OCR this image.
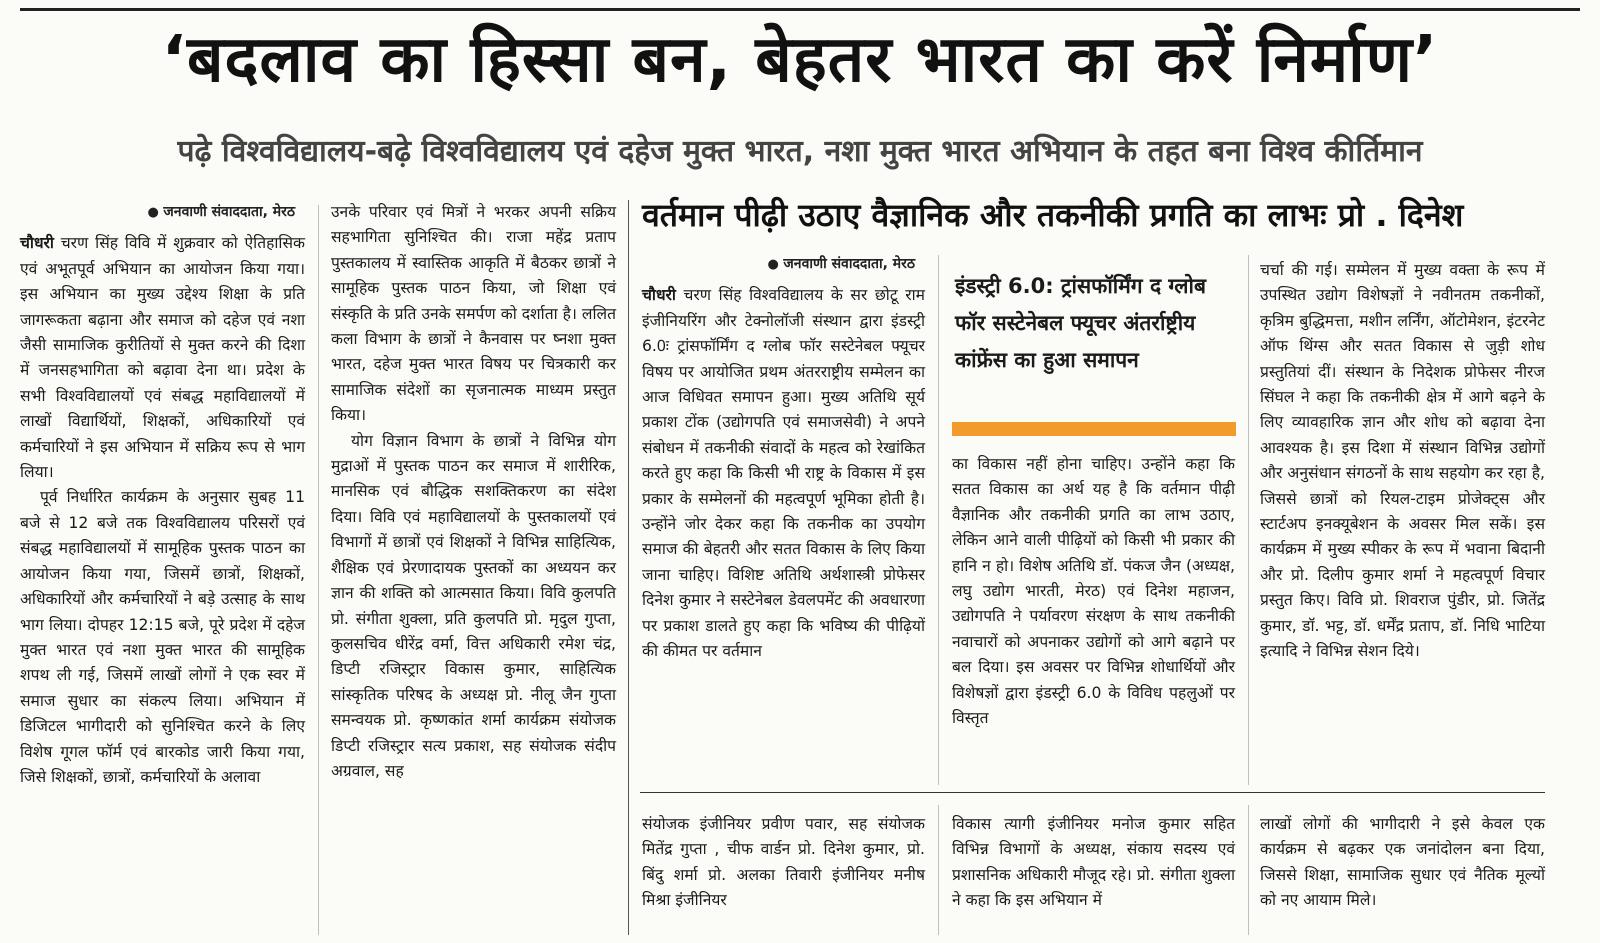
‘बदलाव का हिस्सा बन, बेहतर भारत का करें निर्माण’
पढ़े विश्वविद्यालय-बढ़े विश्वविद्यालय एवं दहेज मुक्त भारत, नशा मुक्त भारत अभियान के तहत बना विश्व कीर्तिमान
● जनवाणी संवाददाता, मेरठ

चौधरी चरण सिंह विवि में शुक्रवार को ऐतिहासिक एवं अभूतपूर्व अभियान का आयोजन किया गया। इस अभियान का मुख्य उद्देश्य शिक्षा के प्रति जागरूकता बढ़ाना और समाज को दहेज एवं नशा जैसी सामाजिक कुरीतियों से मुक्त करने की दिशा में जनसहभागिता को बढ़ावा देना था। प्रदेश के सभी विश्वविद्यालयों एवं संबद्ध महाविद्यालयों में लाखों विद्यार्थियों, शिक्षकों, अधिकारियों एवं कर्मचारियों ने इस अभियान में सक्रिय रूप से भाग लिया।

पूर्व निर्धारित कार्यक्रम के अनुसार सुबह 11 बजे से 12 बजे तक विश्वविद्यालय परिसरों एवं संबद्ध महाविद्यालयों में सामूहिक पुस्तक पाठन का आयोजन किया गया, जिसमें छात्रों, शिक्षकों, अधिकारियों और कर्मचारियों ने बड़े उत्साह के साथ भाग लिया। दोपहर 12:15 बजे, पूरे प्रदेश में दहेज मुक्त भारत एवं नशा मुक्त भारत की सामूहिक शपथ ली गई, जिसमें लाखों लोगों ने एक स्वर में समाज सुधार का संकल्प लिया। अभियान में डिजिटल भागीदारी को सुनिश्चित करने के लिए विशेष गूगल फॉर्म एवं बारकोड जारी किया गया, जिसे शिक्षकों, छात्रों, कर्मचारियों के अलावा

उनके परिवार एवं मित्रों ने भरकर अपनी सक्रिय सहभागिता सुनिश्चित की। राजा महेंद्र प्रताप पुस्तकालय में स्वास्तिक आकृति में बैठकर छात्रों ने सामूहिक पुस्तक पाठन किया, जो शिक्षा एवं संस्कृति के प्रति उनके समर्पण को दर्शाता है। ललित कला विभाग के छात्रों ने कैनवास पर ष्नशा मुक्त भारत, दहेज मुक्त भारत विषय पर चित्रकारी कर सामाजिक संदेशों का सृजनात्मक माध्यम प्रस्तुत किया।

योग विज्ञान विभाग के छात्रों ने विभिन्न योग मुद्राओं में पुस्तक पाठन कर समाज में शारीरिक, मानसिक एवं बौद्धिक सशक्तिकरण का संदेश दिया। विवि एवं महाविद्यालयों के पुस्तकालयों एवं विभागों में छात्रों एवं शिक्षकों ने विभिन्न साहित्यिक, शैक्षिक एवं प्रेरणादायक पुस्तकों का अध्ययन कर ज्ञान की शक्ति को आत्मसात किया। विवि कुलपति प्रो. संगीता शुक्ला, प्रति कुलपति प्रो. मृदुल गुप्ता, कुलसचिव धीरेंद्र वर्मा, वित्त अधिकारी रमेश चंद्र, डिप्टी रजिस्ट्रार विकास कुमार, साहित्यिक सांस्कृतिक परिषद के अध्यक्ष प्रो. नीलू जैन गुप्ता समन्वयक प्रो. कृष्णकांत शर्मा कार्यक्रम संयोजक डिप्टी रजिस्ट्रार सत्य प्रकाश, सह संयोजक संदीप अग्रवाल, सह

वर्तमान पीढ़ी उठाए वैज्ञानिक और तकनीकी प्रगति का लाभः प्रो . दिनेश
● जनवाणी संवाददाता, मेरठ

चौधरी चरण सिंह विश्वविद्यालय के सर छोटू राम इंजीनियरिंग और टेक्नोलॉजी संस्थान द्वारा इंडस्ट्री 6.0ः ट्रांसफॉर्मिंग द ग्लोब फॉर सस्टेनेबल फ्यूचर विषय पर आयोजित प्रथम अंतरराष्ट्रीय सम्मेलन का आज विधिवत समापन हुआ। मुख्य अतिथि सूर्य प्रकाश टोंक (उद्योगपति एवं समाजसेवी) ने अपने संबोधन में तकनीकी संवादों के महत्व को रेखांकित करते हुए कहा कि किसी भी राष्ट्र के विकास में इस प्रकार के सम्मेलनों की महत्वपूर्ण भूमिका होती है। उन्होंने जोर देकर कहा कि तकनीक का उपयोग समाज की बेहतरी और सतत विकास के लिए किया जाना चाहिए। विशिष्ट अतिथि अर्थशास्त्री प्रोफेसर दिनेश कुमार ने सस्टेनेबल डेवलपमेंट की अवधारणा पर प्रकाश डालते हुए कहा कि भविष्य की पीढ़ियों की कीमत पर वर्तमान

इंडस्ट्री 6.0: ट्रांसफॉर्मिंग द ग्लोब फॉर सस्टेनेबल फ्यूचर अंतर्राष्ट्रीय कांफ्रेंस का हुआ समापन

का विकास नहीं होना चाहिए। उन्होंने कहा कि सतत विकास का अर्थ यह है कि वर्तमान पीढ़ी वैज्ञानिक और तकनीकी प्रगति का लाभ उठाए, लेकिन आने वाली पीढ़ियों को किसी भी प्रकार की हानि न हो। विशेष अतिथि डॉ. पंकज जैन (अध्यक्ष, लघु उद्योग भारती, मेरठ) एवं दिनेश महाजन, उद्योगपति ने पर्यावरण संरक्षण के साथ तकनीकी नवाचारों को अपनाकर उद्योगों को आगे बढ़ाने पर बल दिया। इस अवसर पर विभिन्न शोधार्थियों और विशेषज्ञों द्वारा इंडस्ट्री 6.0 के विविध पहलुओं पर विस्तृत

चर्चा की गई। सम्मेलन में मुख्य वक्ता के रूप में उपस्थित उद्योग विशेषज्ञों ने नवीनतम तकनीकों, कृत्रिम बुद्धिमत्ता, मशीन लर्निंग, ऑटोमेशन, इंटरनेट ऑफ थिंग्स और सतत विकास से जुड़ी शोध प्रस्तुतियां दीं। संस्थान के निदेशक प्रोफेसर नीरज सिंघल ने कहा कि तकनीकी क्षेत्र में आगे बढ़ने के लिए व्यावहारिक ज्ञान और शोध को बढ़ावा देना आवश्यक है। इस दिशा में संस्थान विभिन्न उद्योगों और अनुसंधान संगठनों के साथ सहयोग कर रहा है, जिससे छात्रों को रियल-टाइम प्रोजेक्ट्स और स्टार्टअप इनक्यूबेशन के अवसर मिल सकें। इस कार्यक्रम में मुख्य स्पीकर के रूप में भवाना बिदानी और प्रो. दिलीप कुमार शर्मा ने महत्वपूर्ण विचार प्रस्तुत किए। विवि प्रो. शिवराज पुंडीर, प्रो. जितेंद्र कुमार, डॉ. भट्ट, डॉ. धर्मेंद्र प्रताप, डॉ. निधि भाटिया इत्यादि ने विभिन्न सेशन दिये।

संयोजक इंजीनियर प्रवीण पवार, सह संयोजक मितेंद्र गुप्ता , चीफ वार्डन प्रो. दिनेश कुमार, प्रो. बिंदु शर्मा प्रो. अलका तिवारी इंजीनियर मनीष मिश्रा इंजीनियर
विकास त्यागी इंजीनियर मनोज कुमार सहित विभिन्न विभागों के अध्यक्ष, संकाय सदस्य एवं प्रशासनिक अधिकारी मौजूद रहे। प्रो. संगीता शुक्ला ने कहा कि इस अभियान में
लाखों लोगों की भागीदारी ने इसे केवल एक कार्यक्रम से बढ़कर एक जनांदोलन बना दिया, जिससे शिक्षा, सामाजिक सुधार एवं नैतिक मूल्यों को नए आयाम मिले।
